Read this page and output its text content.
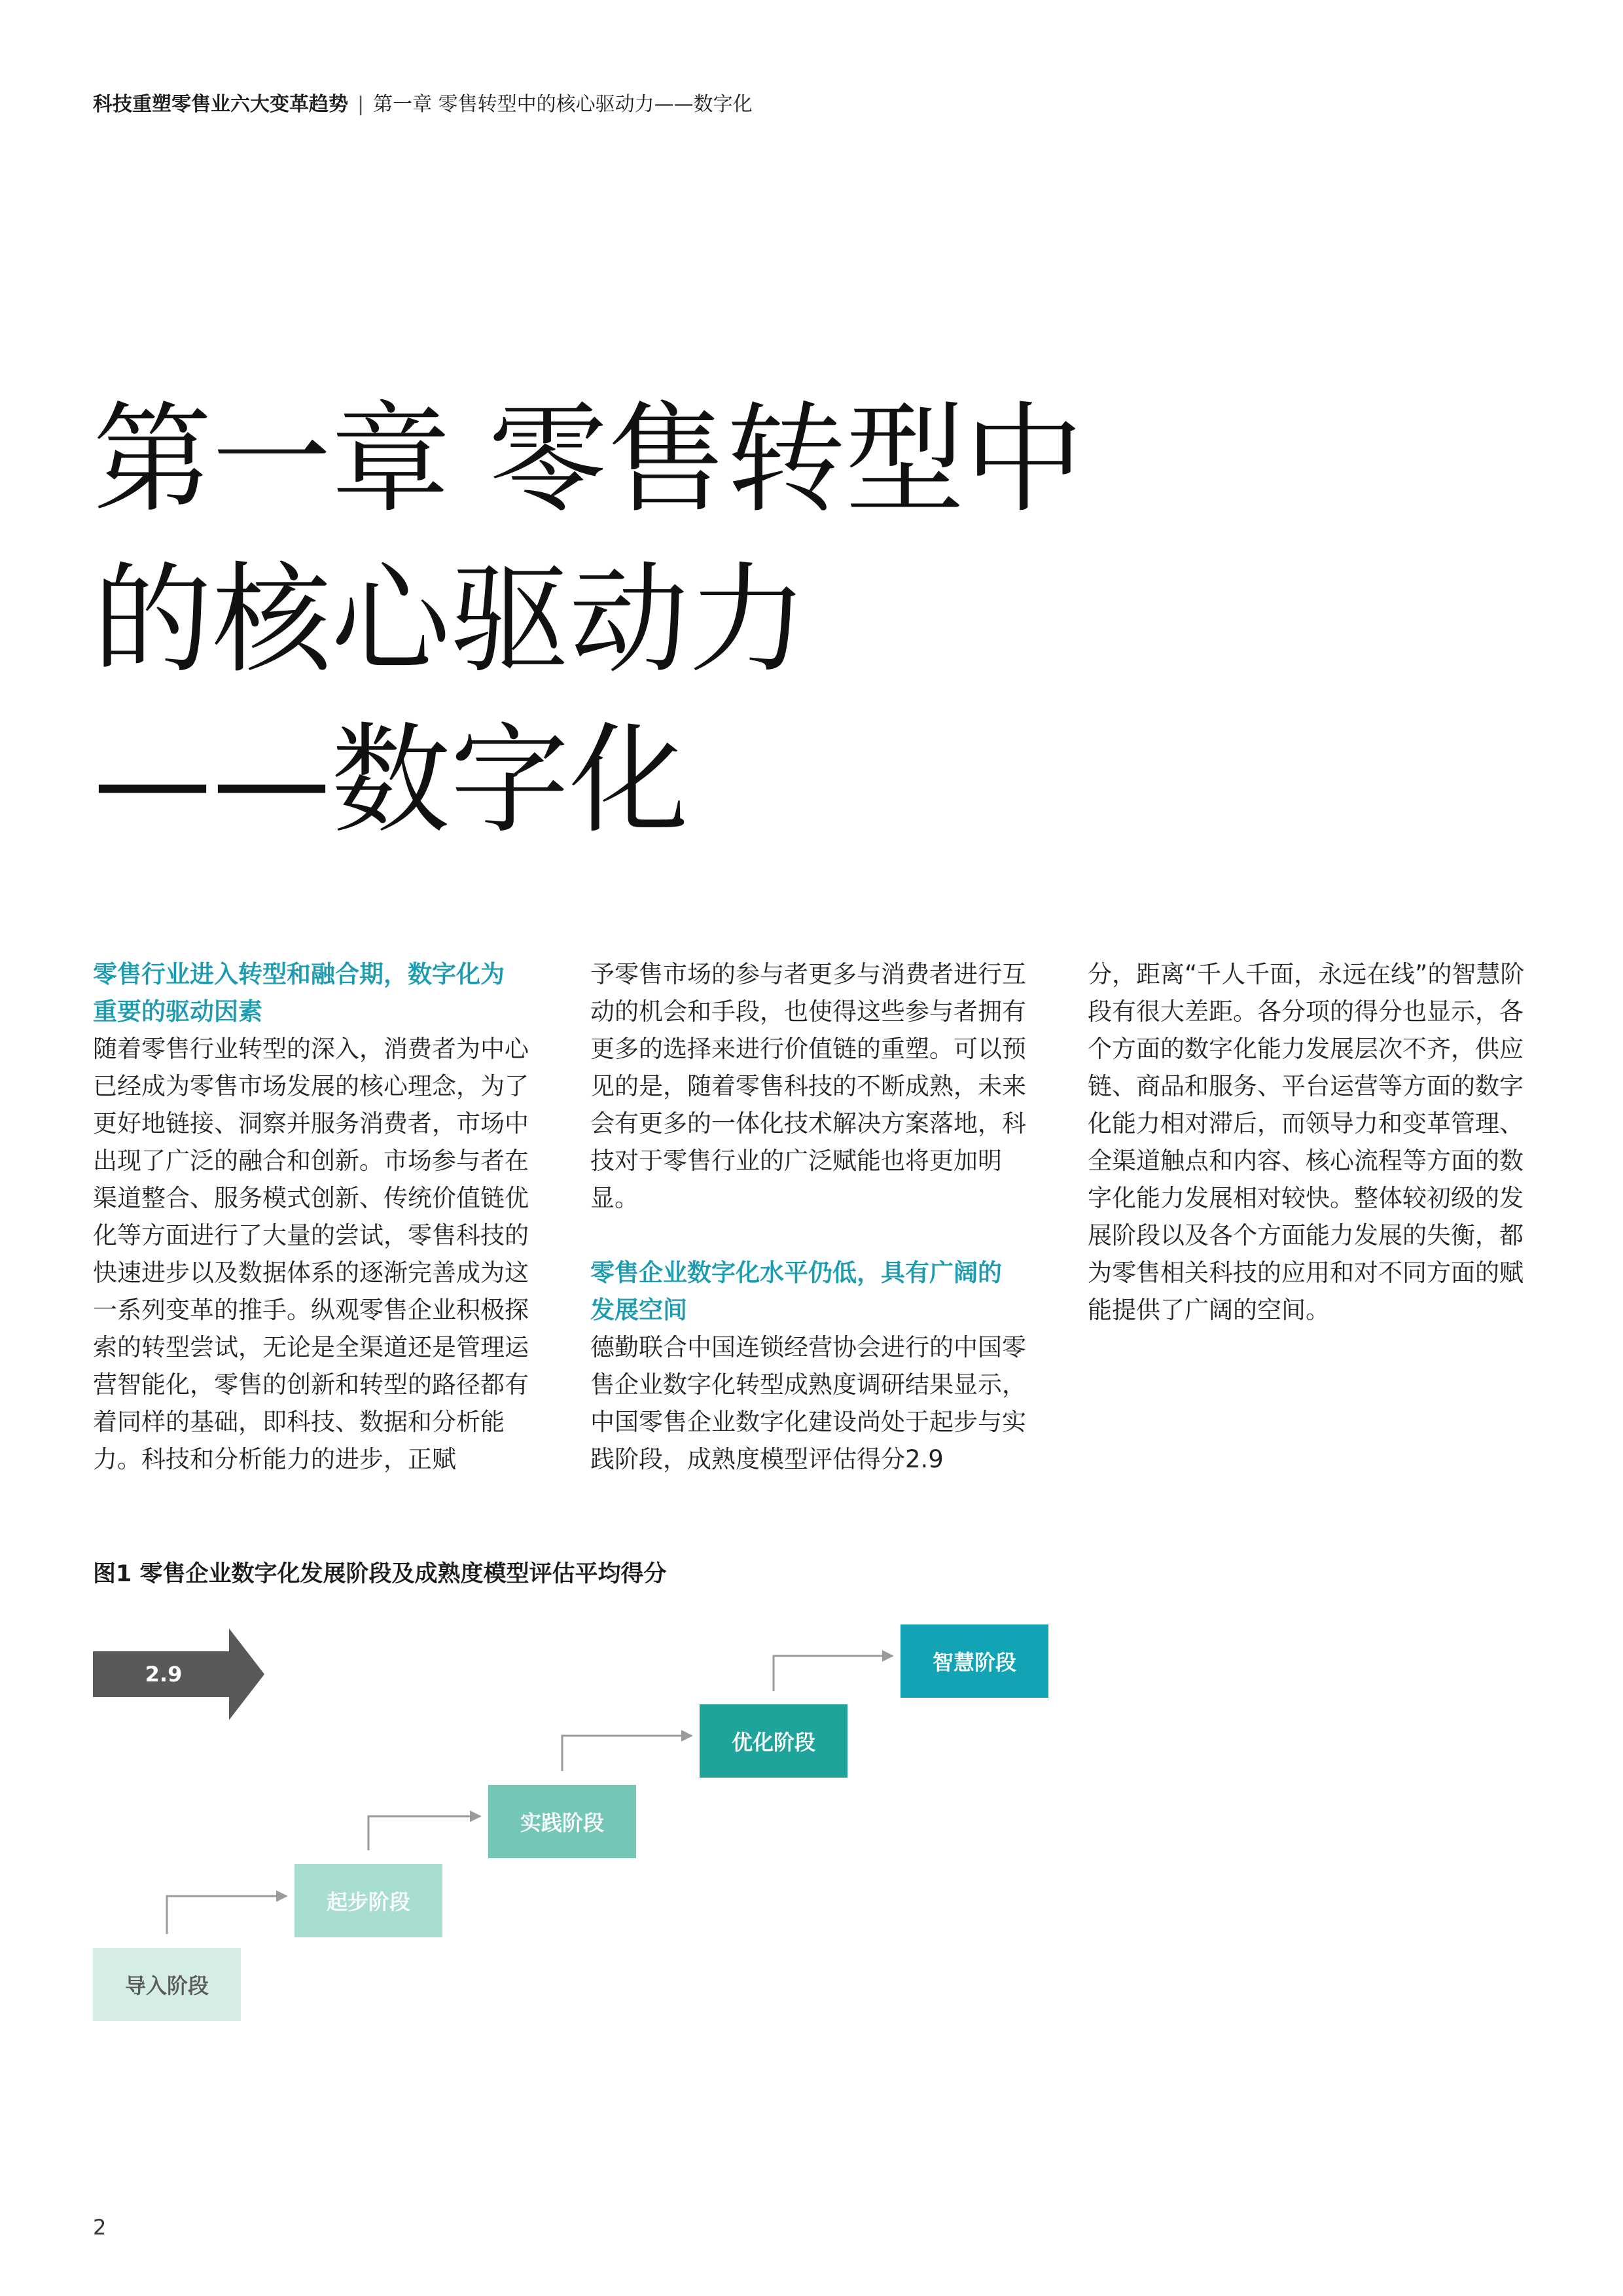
科技重塑零售业六大变革趋势 | 第一章 零售转型中的核心驱动力——数字化
第一章 零售转型中
的核心驱动力
——数字化

零售行业进入转型和融合期，数字化为
重要的驱动因素

随着零售行业转型的深入，消费者为中心已经成为零售市场发展的核心理念，为了更好地链接、洞察并服务消费者，市场中出现了广泛的融合和创新。市场参与者在渠道整合、服务模式创新、传统价值链优化等方面进行了大量的尝试，零售科技的快速进步以及数据体系的逐渐完善成为这一系列变革的推手。纵观零售企业积极探索的转型尝试，无论是全渠道还是管理运营智能化，零售的创新和转型的路径都有着同样的基础，即科技、数据和分析能力。科技和分析能力的进步，正赋

予零售市场的参与者更多与消费者进行互动的机会和手段，也使得这些参与者拥有更多的选择来进行价值链的重塑。可以预见的是，随着零售科技的不断成熟，未来会有更多的一体化技术解决方案落地，科技对于零售行业的广泛赋能也将更加明显。

零售企业数字化水平仍低，具有广阔的
发展空间

德勤联合中国连锁经营协会进行的中国零售企业数字化转型成熟度调研结果显示，中国零售企业数字化建设尚处于起步与实践阶段，成熟度模型评估得分2.9

分，距离“千人千面，永远在线”的智慧阶段有很大差距。各分项的得分也显示，各个方面的数字化能力发展层次不齐，供应链、商品和服务、平台运营等方面的数字化能力相对滞后，而领导力和变革管理、全渠道触点和内容、核心流程等方面的数字化能力发展相对较快。整体较初级的发展阶段以及各个方面能力发展的失衡，都为零售相关科技的应用和对不同方面的赋能提供了广阔的空间。

图1 零售企业数字化发展阶段及成熟度模型评估平均得分
2.9
导入阶段
起步阶段
实践阶段
优化阶段
智慧阶段
2
